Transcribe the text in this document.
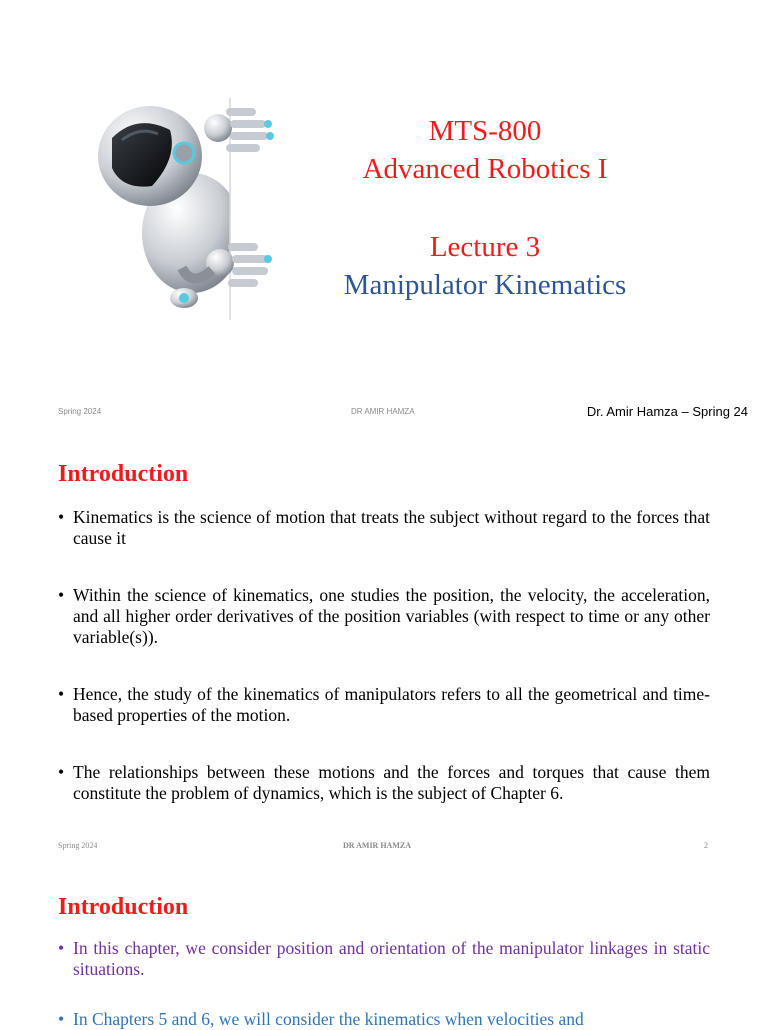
MTS-800

Advanced Robotics I

Lecture 3

Manipulator Kinematics

Spring 2024	DR AMIR HAMZA	Dr. Amir Hamza – Spring 24
Introduction
• Kinematics is the science of motion that treats the subject without regard to the forces that cause it
• Within the science of kinematics, one studies the position, the velocity, the acceleration, and all higher order derivatives of the position variables (with respect to time or any other variable(s)).
• Hence, the study of the kinematics of manipulators refers to all the geometrical and time-based properties of the motion.
• The relationships between these motions and the forces and torques that cause them constitute the problem of dynamics, which is the subject of Chapter 6.
Spring 2024	DR AMIR HAMZA	2
Introduction
• In this chapter, we consider position and orientation of the manipulator linkages in static situations.
• In Chapters 5 and 6, we will consider the kinematics when velocities and
